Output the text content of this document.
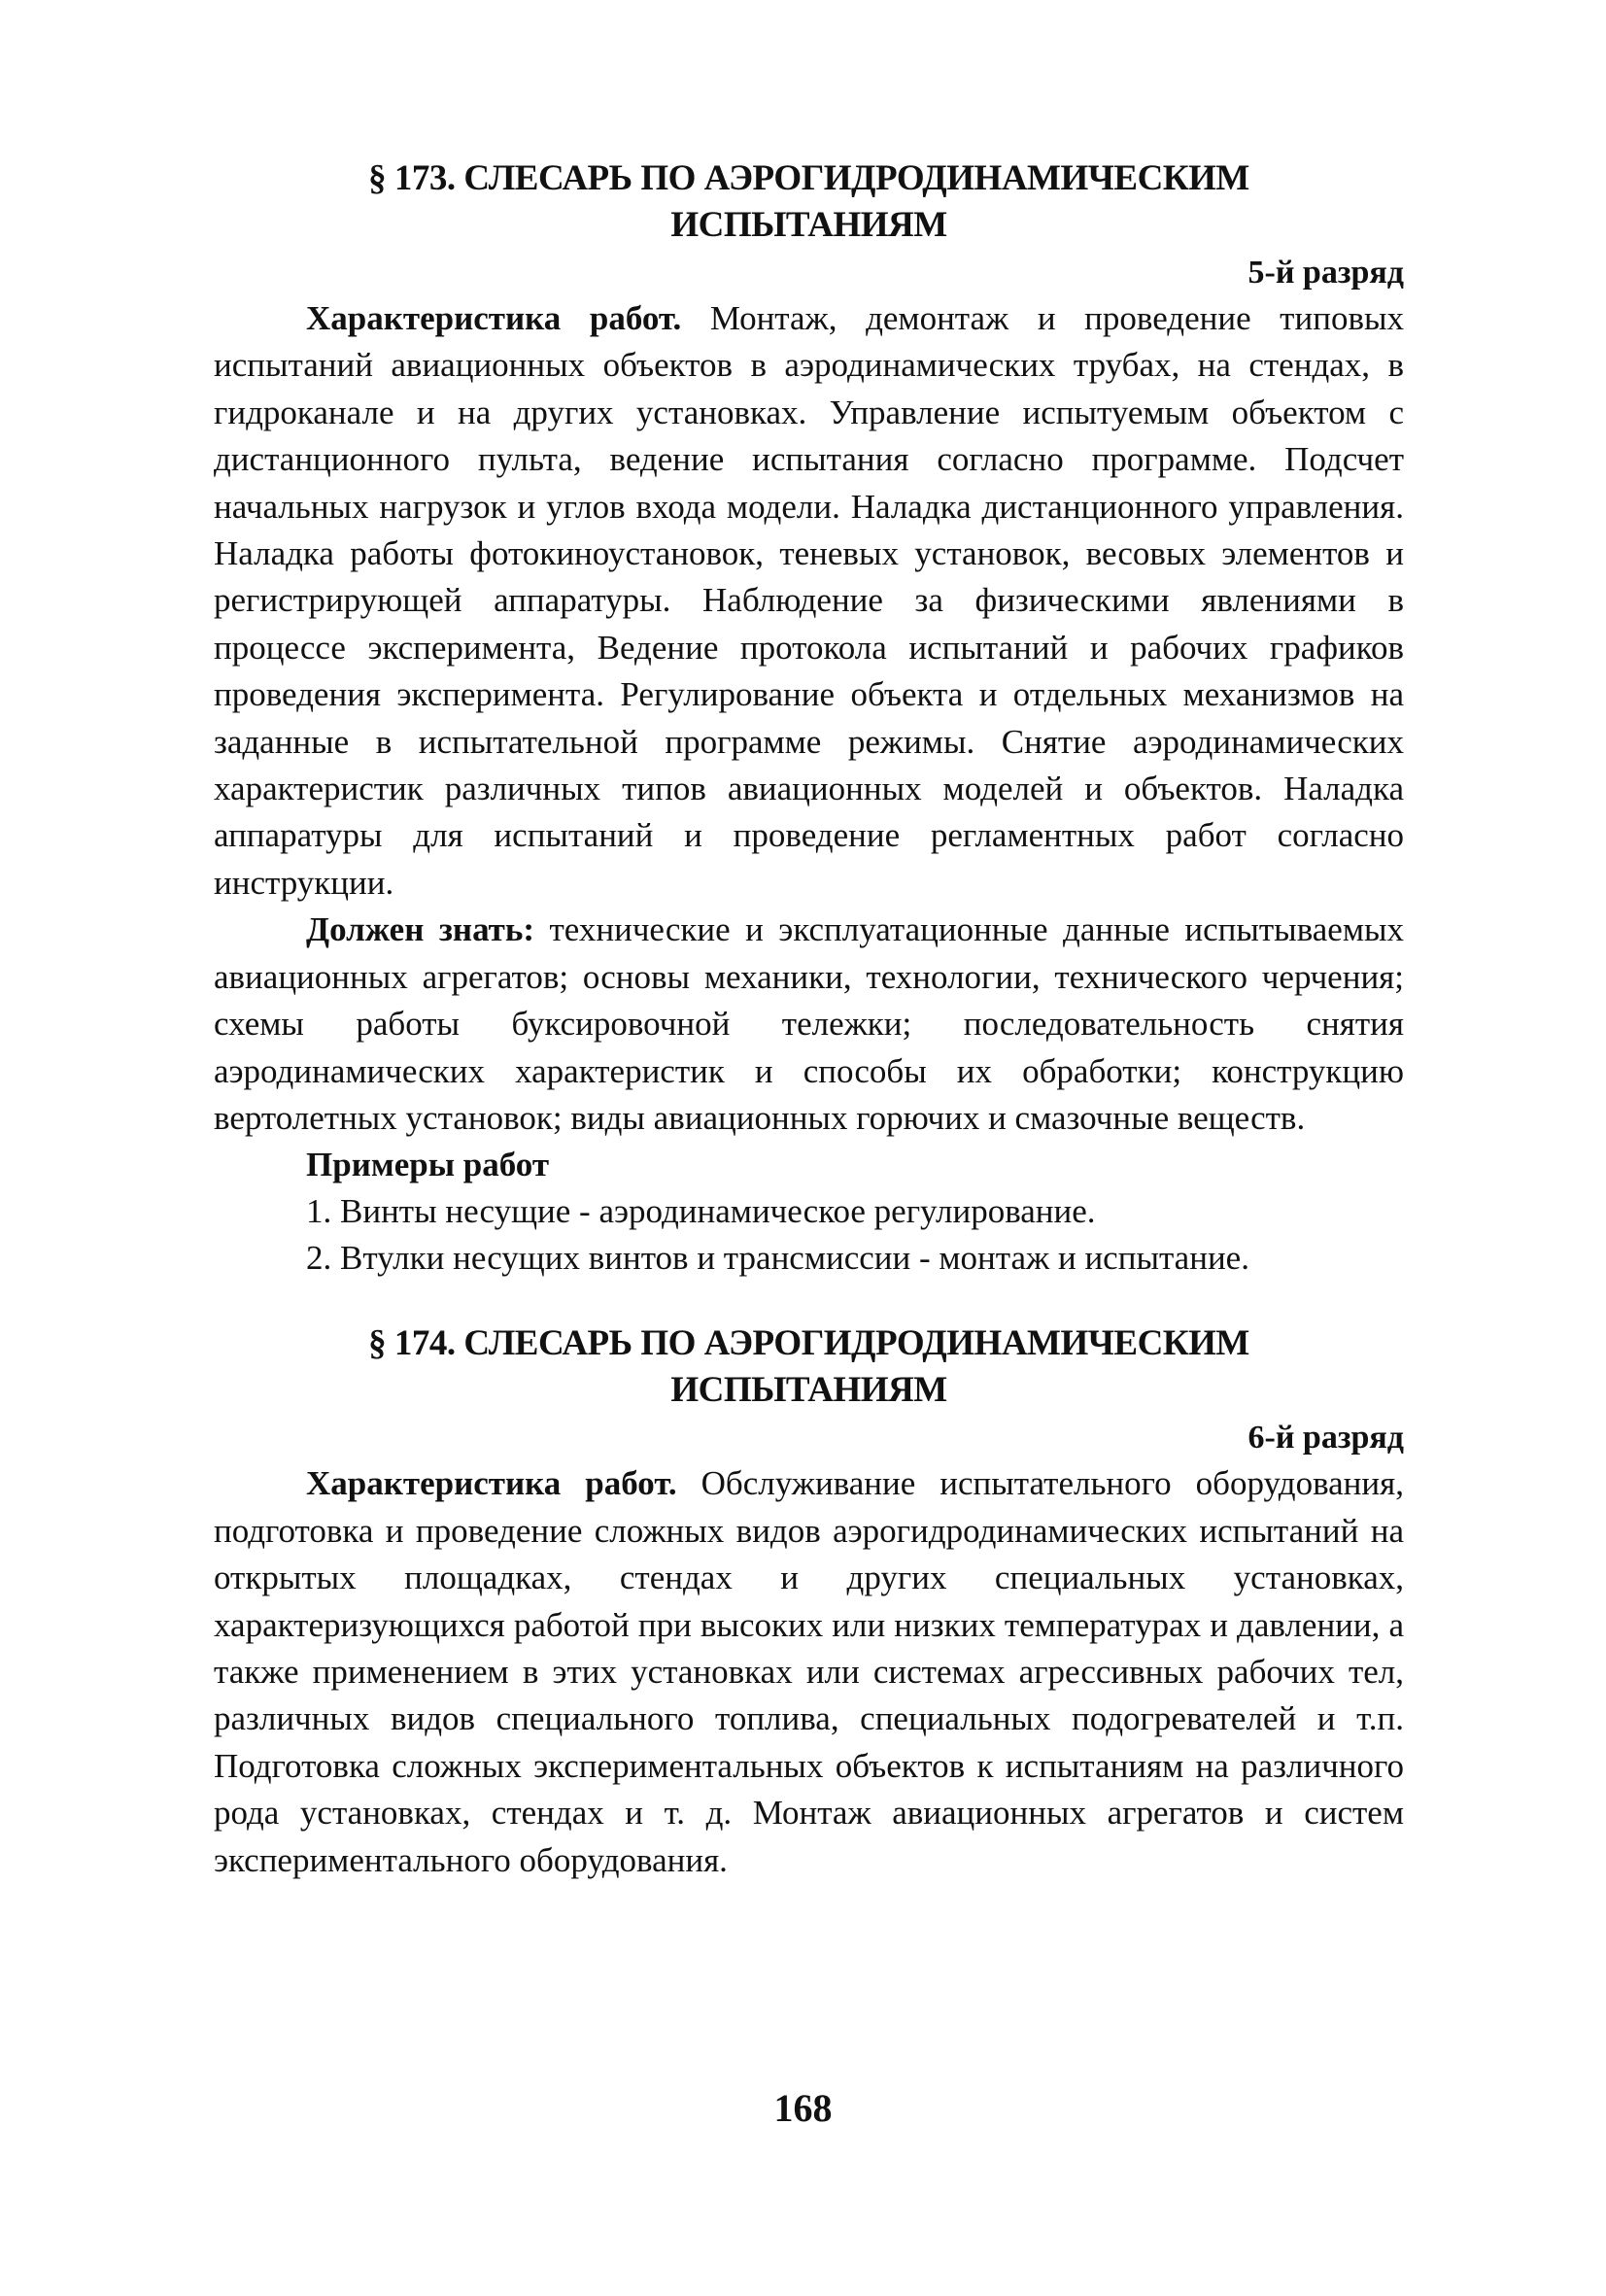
§ 173. СЛЕСАРЬ ПО АЭРОГИДРОДИНАМИЧЕСКИМ
ИСПЫТАНИЯМ

5-й разряд

Характеристика работ. Монтаж, демонтаж и проведение типовых испытаний авиационных объектов в аэродинамических трубах, на стендах, в гидроканале и на других установках. Управление испытуемым объектом с дистанционного пульта, ведение испытания согласно программе. Подсчет начальных нагрузок и углов входа модели. Наладка дистанционного управления. Наладка работы фотокиноустановок, теневых установок, весовых элементов и регистрирующей аппаратуры. Наблюдение за физическими явлениями в процессе эксперимента, Ведение протокола испытаний и рабочих графиков проведения эксперимента. Регулирование объекта и отдельных механизмов на заданные в испытательной программе режимы. Снятие аэродинамических характеристик различных типов авиационных моделей и объектов. Наладка аппаратуры для испытаний и проведение регламентных работ согласно инструкции.

Должен знать: технические и эксплуатационные данные испытываемых авиационных агрегатов; основы механики, технологии, технического черчения; схемы работы буксировочной тележки; последовательность снятия аэродинамических характеристик и способы их обработки; конструкцию вертолетных установок; виды авиационных горючих и смазочные веществ.

Примеры работ

1. Винты несущие - аэродинамическое регулирование.

2. Втулки несущих винтов и трансмиссии - монтаж и испытание.

§ 174. СЛЕСАРЬ ПО АЭРОГИДРОДИНАМИЧЕСКИМ
ИСПЫТАНИЯМ

6-й разряд

Характеристика работ. Обслуживание испытательного оборудования, подготовка и проведение сложных видов аэрогидродинамических испытаний на открытых площадках, стендах и других специальных установках, характеризующихся работой при высоких или низких температурах и давлении, а также применением в этих установках или системах агрессивных рабочих тел, различных видов специального топлива, специальных подогревателей и т.п. Подготовка сложных экспериментальных объектов к испытаниям на различного рода установках, стендах и т. д. Монтаж авиационных агрегатов и систем экспериментального оборудования.

168
